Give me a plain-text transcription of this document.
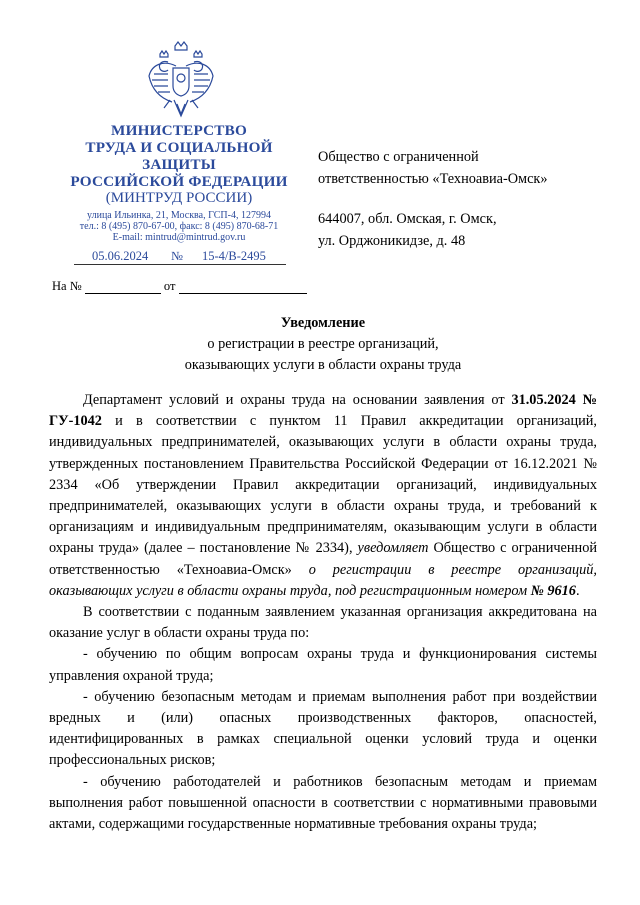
МИНИСТЕРСТВО
ТРУДА И СОЦИАЛЬНОЙ
ЗАЩИТЫ
РОССИЙСКОЙ ФЕДЕРАЦИИ
(МИНТРУД РОССИИ)
улица Ильинка, 21, Москва, ГСП-4, 127994
тел.: 8 (495) 870-67-00, факс: 8 (495) 870-68-71
E-mail: mintrud@mintrud.gov.ru
05.06.2024 № 15-4/В-2495
На №	от
Общество с ограниченной
ответственностью «Техноавиа-Омск»
644007, обл. Омская, г. Омск,
ул. Орджоникидзе, д. 48
Уведомление
о регистрации в реестре организаций,
оказывающих услуги в области охраны труда

Департамент условий и охраны труда на основании заявления от 31.05.2024 № ГУ-1042 и в соответствии с пунктом 11 Правил аккредитации организаций, индивидуальных предпринимателей, оказывающих услуги в области охраны труда, утвержденных постановлением Правительства Российской Федерации от 16.12.2021 № 2334 «Об утверждении Правил аккредитации организаций, индивидуальных предпринимателей, оказывающих услуги в области охраны труда, и требований к организациям и индивидуальным предпринимателям, оказывающим услуги в области охраны труда» (далее – постановление № 2334), уведомляет Общество с ограниченной ответственностью «Техноавиа-Омск» о регистрации в реестре организаций, оказывающих услуги в области охраны труда, под регистрационным номером № 9616.

В соответствии с поданным заявлением указанная организация аккредитована на оказание услуг в области охраны труда по:

- обучению по общим вопросам охраны труда и функционирования системы управления охраной труда;

- обучению безопасным методам и приемам выполнения работ при воздействии вредных и (или) опасных производственных факторов, опасностей, идентифицированных в рамках специальной оценки условий труда и оценки профессиональных рисков;

- обучению работодателей и работников безопасным методам и приемам выполнения работ повышенной опасности в соответствии с нормативными правовыми актами, содержащими государственные нормативные требования охраны труда;
